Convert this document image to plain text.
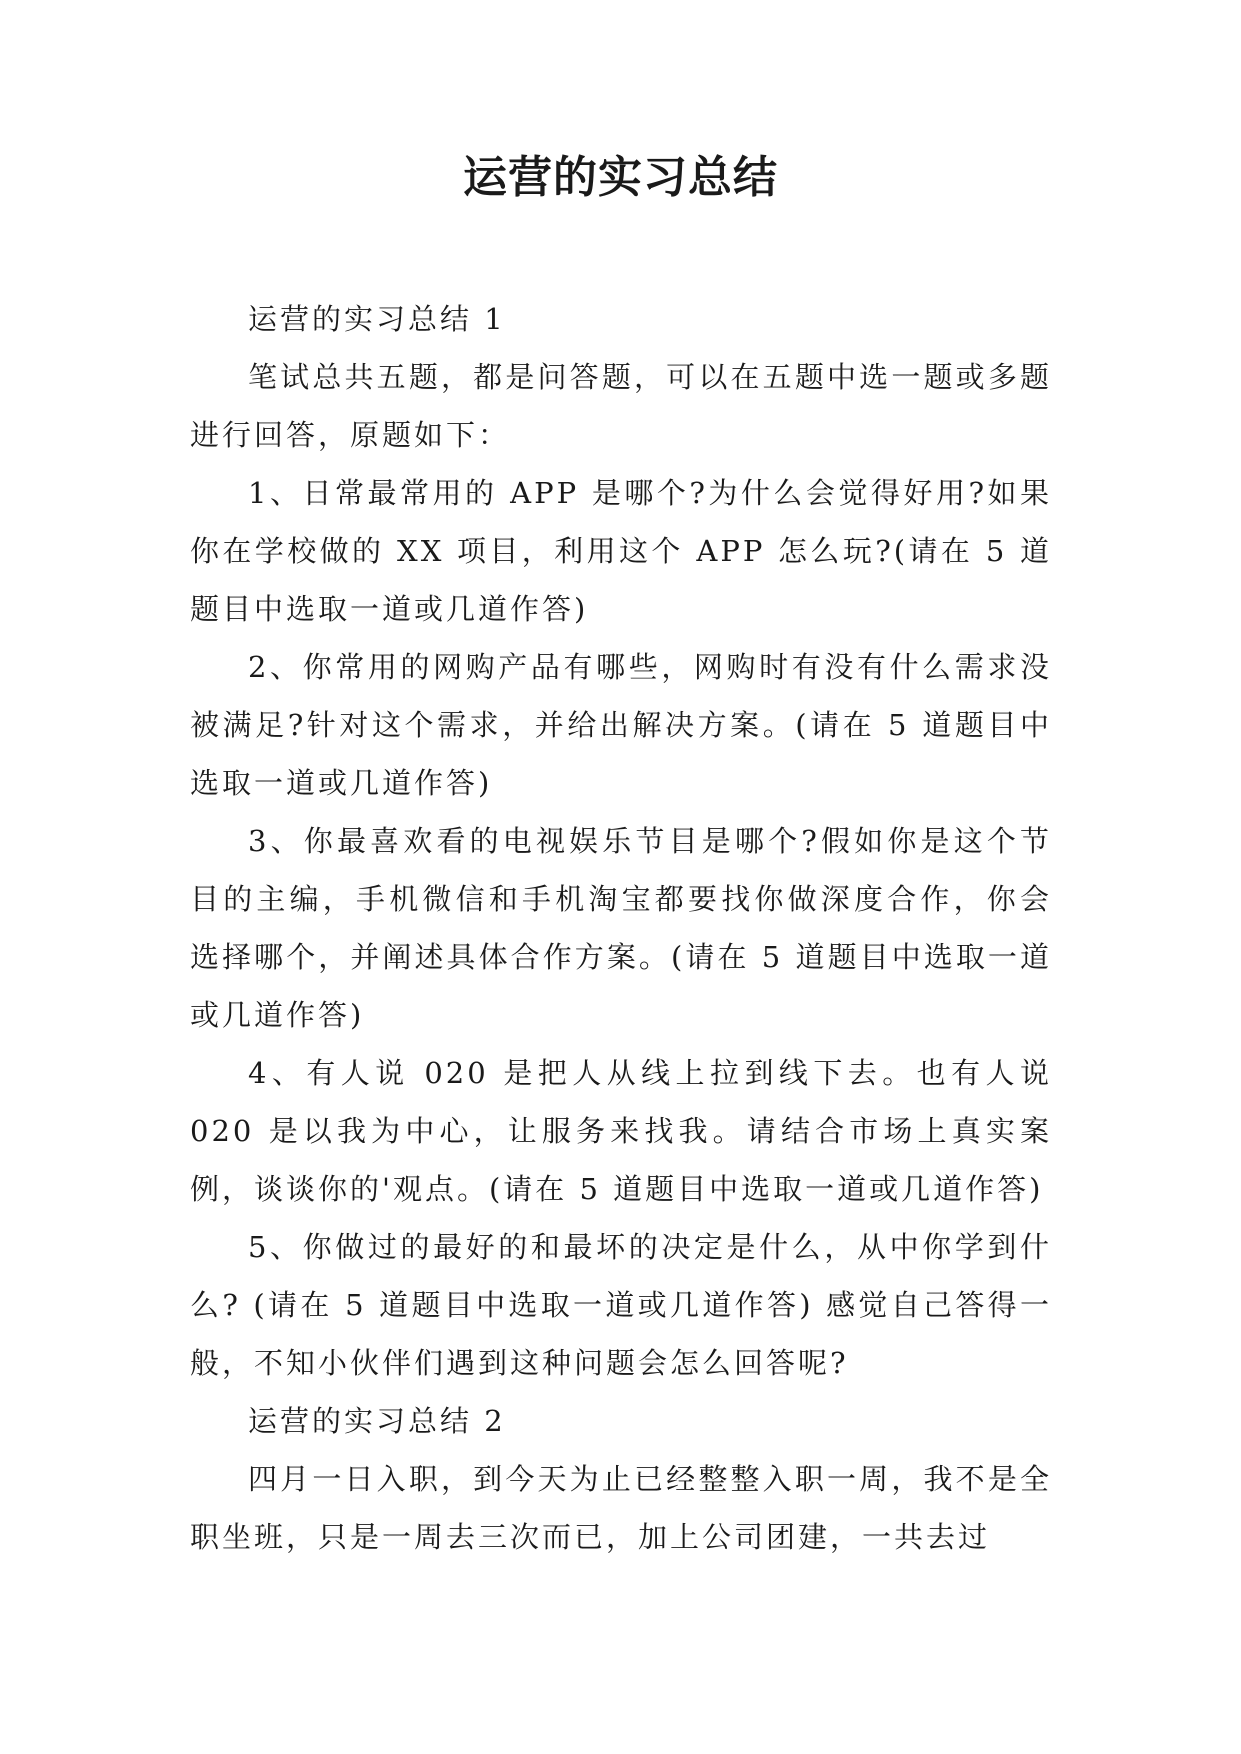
运营的实习总结

运营的实习总结 1

笔试总共五题，都是问答题，可以在五题中选一题或多题进行回答，原题如下：

1、日常最常用的 APP 是哪个?为什么会觉得好用?如果你在学校做的 XX 项目，利用这个 APP 怎么玩?(请在 5 道题目中选取一道或几道作答)

2、你常用的网购产品有哪些，网购时有没有什么需求没被满足?针对这个需求，并给出解决方案。(请在 5 道题目中选取一道或几道作答)

3、你最喜欢看的电视娱乐节目是哪个?假如你是这个节目的主编，手机微信和手机淘宝都要找你做深度合作，你会选择哪个，并阐述具体合作方案。(请在 5 道题目中选取一道或几道作答)

4、有人说 020 是把人从线上拉到线下去。也有人说 020 是以我为中心，让服务来找我。请结合市场上真实案例，谈谈你的'观点。(请在 5 道题目中选取一道或几道作答)

5、你做过的最好的和最坏的决定是什么，从中你学到什么? (请在 5 道题目中选取一道或几道作答) 感觉自己答得一般，不知小伙伴们遇到这种问题会怎么回答呢?

运营的实习总结 2

四月一日入职，到今天为止已经整整入职一周，我不是全职坐班，只是一周去三次而已，加上公司团建，一共去过
